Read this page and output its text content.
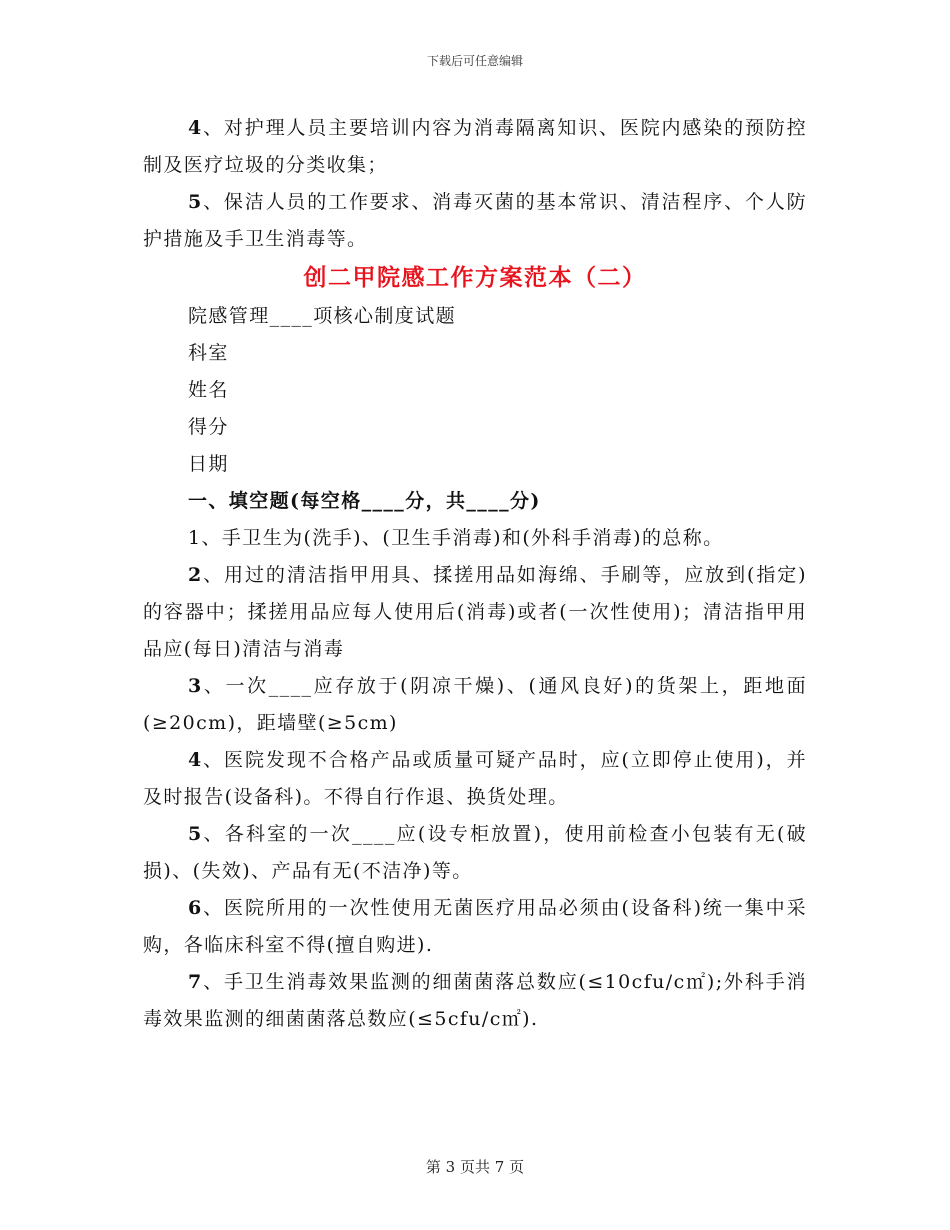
下载后可任意编辑

4、对护理人员主要培训内容为消毒隔离知识、医院内感染的预防控制及医疗垃圾的分类收集；

5、保洁人员的工作要求、消毒灭菌的基本常识、清洁程序、个人防护措施及手卫生消毒等。

创二甲院感工作方案范本（二）

院感管理____项核心制度试题

科室

姓名

得分

日期

一、填空题(每空格____分，共____分)

1、手卫生为(洗手)、(卫生手消毒)和(外科手消毒)的总称。

2、用过的清洁指甲用具、揉搓用品如海绵、手刷等，应放到(指定)的容器中；揉搓用品应每人使用后(消毒)或者(一次性使用)；清洁指甲用品应(每日)清洁与消毒

3、一次____应存放于(阴凉干燥)、(通风良好)的货架上，距地面(≥20cm)，距墙壁(≥5cm)

4、医院发现不合格产品或质量可疑产品时，应(立即停止使用)，并及时报告(设备科)。不得自行作退、换货处理。

5、各科室的一次____应(设专柜放置)，使用前检查小包装有无(破损)、(失效)、产品有无(不洁净)等。

6、医院所用的一次性使用无菌医疗用品必须由(设备科)统一集中采购，各临床科室不得(擅自购进).

7、手卫生消毒效果监测的细菌菌落总数应(≤10cfu/c㎡);外科手消毒效果监测的细菌菌落总数应(≤5cfu/c㎡).

第 3 页共 7 页
